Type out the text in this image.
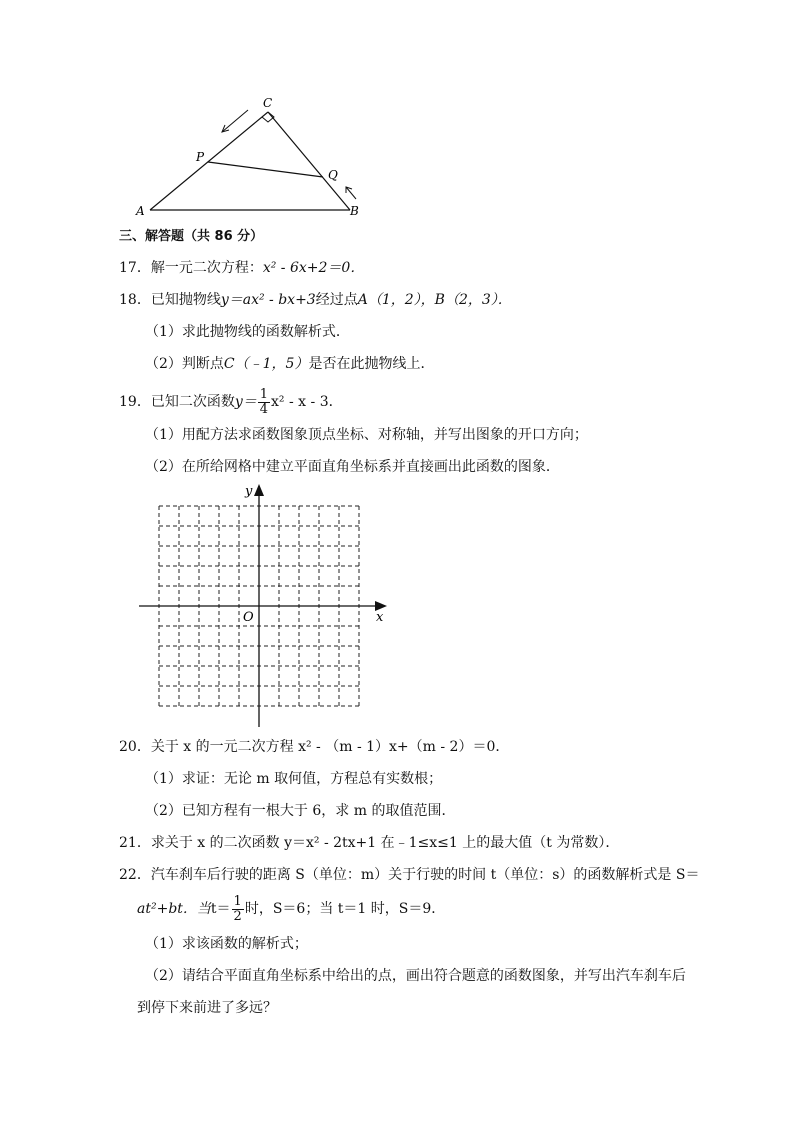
C
P
Q
A	B
三、解答题（共 86 分）
17．解一元二次方程：x² - 6x+2＝0．
18．已知抛物线y＝ax² - bx+3经过点A（1，2），B（2，3）．
（1）求此抛物线的函数解析式．
（2）判断点C（﹣1，5）是否在此抛物线上．
19．已知二次函数$y= \frac{1}{4} x^2 - x - 3$．
（1）用配方法求函数图象顶点坐标、对称轴，并写出图象的开口方向；
（2）在所给网格中建立平面直角坐标系并直接画出此函数的图象．
x
y
O
20．关于 x 的一元二次方程 x² - （m - 1）x+（m - 2）＝0．
（1）求证：无论 m 取何值，方程总有实数根；
（2）已知方程有一根大于 6，求 m 的取值范围．
21．求关于 x 的二次函数 y＝x² - 2tx+1 在﹣1≤x≤1 上的最大值（t 为常数）．
22．汽车刹车后行驶的距离 S（单位：m）关于行驶的时间 t（单位：s）的函数解析式是 S＝
at²+bt．当$t= \frac{1}{2}$ 时，S＝6；当 t＝1 时，S＝9．
（1）求该函数的解析式；
（2）请结合平面直角坐标系中给出的点，画出符合题意的函数图象，并写出汽车刹车后
到停下来前进了多远？
